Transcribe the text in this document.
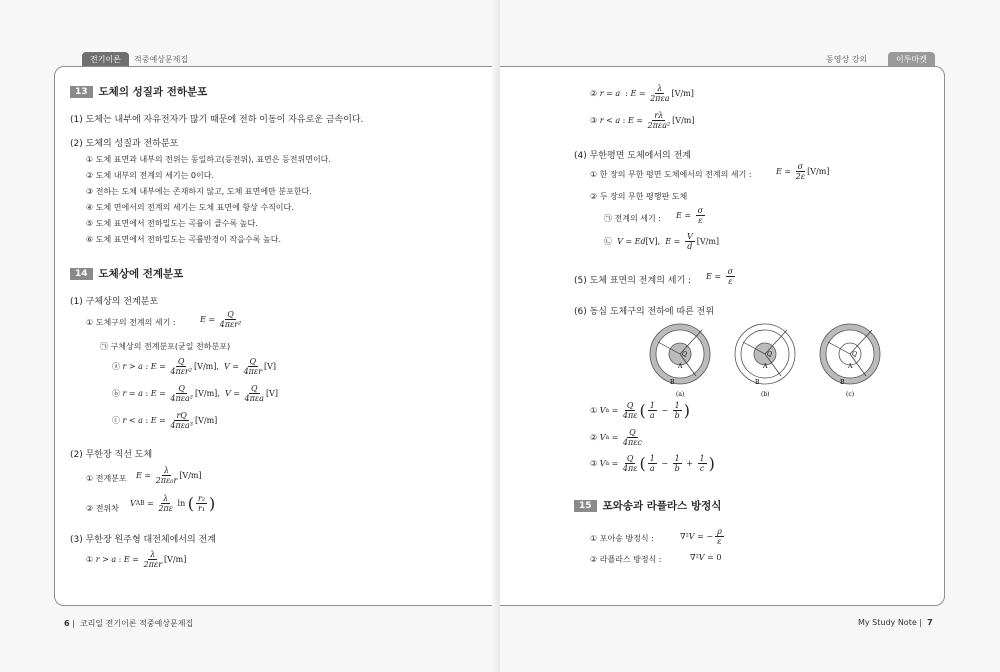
전기이론	적중예상문제집
13	도체의 성질과 전하분포
(1) 도체는 내부에 자유전자가 많기 때문에 전하 이동이 자유로운 금속이다.
(2) 도체의 성질과 전하분포
① 도체 표면과 내부의 전위는 동일하고(등전위), 표면은 등전위면이다.
② 도체 내부의 전계의 세기는 0이다.
③ 전하는 도체 내부에는 존재하지 않고, 도체 표면에만 분포한다.
④ 도체 면에서의 전계의 세기는 도체 표면에 항상 수직이다.
⑤ 도체 표면에서 전하밀도는 곡률이 클수록 높다.
⑥ 도체 표면에서 전하밀도는 곡률반경이 작을수록 높다.
14	도체상에 전계분포
(1) 구체상의 전계분포
① 도체구의 전계의 세기 :	E =
Q
4πεr²
㉠ 구체상의 전계분포(균일 전하분포)
ⓐ r > a : E =
Q
4πεr²
[V/m], V =
Q
4πεr
[V]
ⓑ r = a : E =
Q
4πεa²
[V/m], V =
Q
4πεa
[V]
ⓒ r < a : E =
rQ
4πεa³
[V/m]
(2) 무한장 직선 도체
① 전계분포 E =
λ
2πε₀r
[V/m]
② 전위차
V AB =
λ
2πε
ln ( r₂
r₁ )
(3) 무한장 원주형 대전체에서의 전계
① r > a : E =
λ
2πεr
[V/m]
6 |  코리일 전기이론 적중예상문제집
동영상 강의	이투마켓
② r = a : E =
λ
2πεa
[V/m]
③ r < a : E =
rλ
2πεa²
[V/m]
(4) 무한평면 도체에서의 전계
① 한 장의 무한 평면 도체에서의 전계의 세기 :	E =
σ
2ε
[V/m]
② 두 장의 무한 평행판 도체
㉠ 전계의 세기 : E =
σ
ε
㉡ V = Ed [V], E =
V
d
[V/m]
(5) 도체 표면의 전계의 세기 : E =
σ
ε
(6) 동심 도체구의 전하에 따른 전위
B
A
Q
B
A
Q
B
A
Q
(a)	(b)	(c)
① V a =
Q
4πε ( 1
a
−
1
b )
② V a =
Q
4πεc
③ V a =
Q
4πε ( 1
a
−
1
b
+
1
c )
15	포와송과 라플라스 방정식
① 포아송 방정식 :	∇² V = −
ρ
ε
② 라플라스 방정식 :	∇² V = 0
My Study Note |  7
